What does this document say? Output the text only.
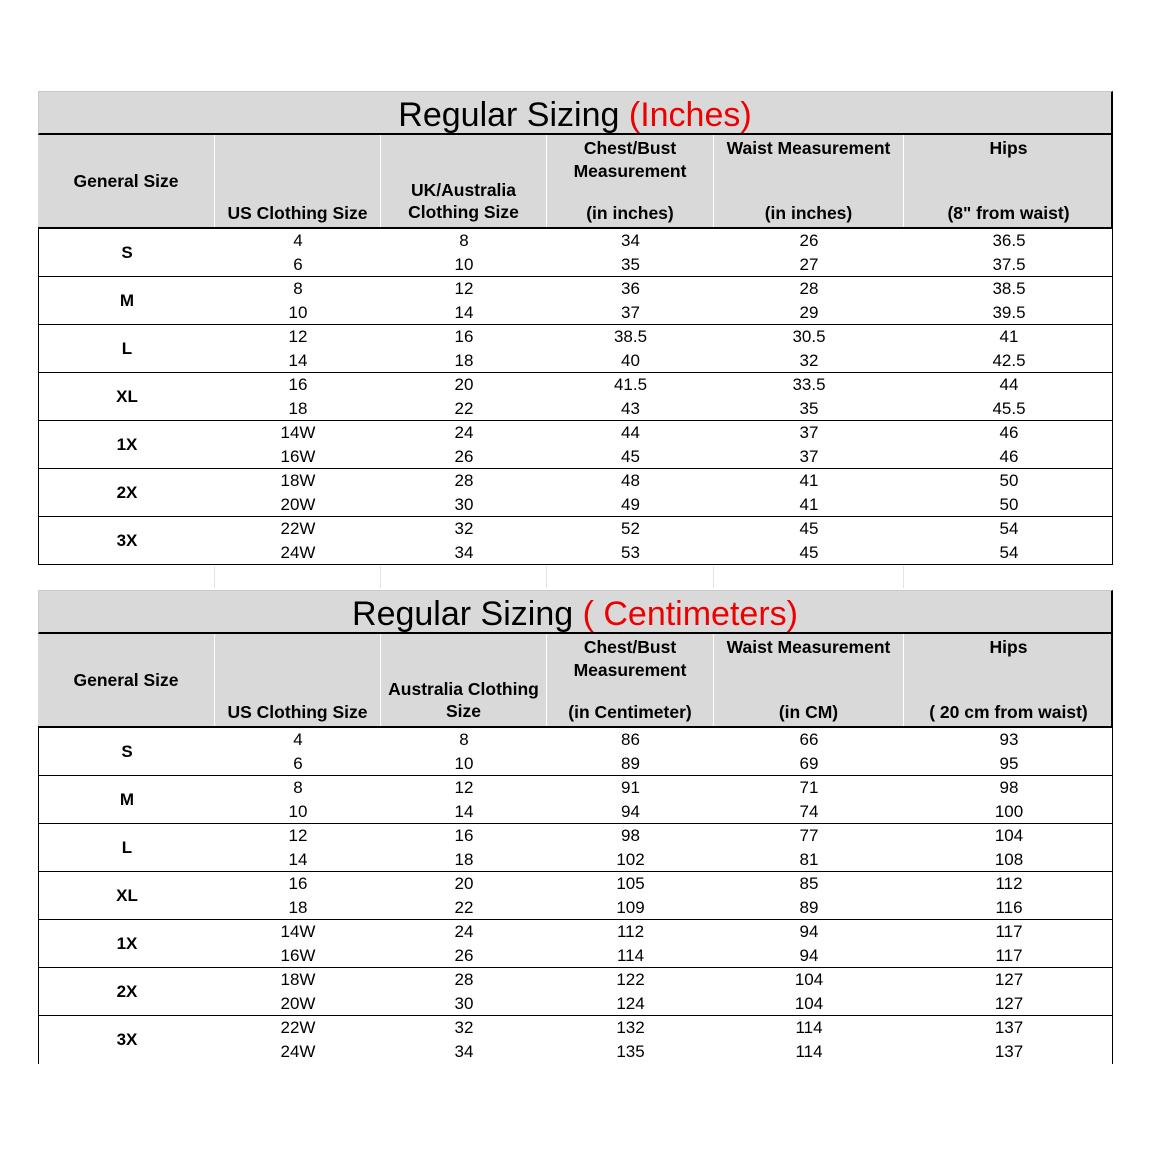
Regular Sizing (Inches)
General Size
US Clothing Size
UK/Australia
Clothing Size
Chest/Bust
Measurement
(in inches)
Waist Measurement
(in inches)
Hips
(8" from waist)
S
4
6
8
10
34
35
26
27
36.5
37.5
M
8
10
12
14
36
37
28
29
38.5
39.5
L
12
14
16
18
38.5
40
30.5
32
41
42.5
XL
16
18
20
22
41.5
43
33.5
35
44
45.5
1X
14W
16W
24
26
44
45
37
37
46
46
2X
18W
20W
28
30
48
49
41
41
50
50
3X
22W
24W
32
34
52
53
45
45
54
54
Regular Sizing ( Centimeters)
General Size
US Clothing Size
Australia Clothing
Size
Chest/Bust
Measurement
(in Centimeter)
Waist Measurement
(in CM)
Hips
( 20 cm from waist)
S
4
6
8
10
86
89
66
69
93
95
M
8
10
12
14
91
94
71
74
98
100
L
12
14
16
18
98
102
77
81
104
108
XL
16
18
20
22
105
109
85
89
112
116
1X
14W
16W
24
26
112
114
94
94
117
117
2X
18W
20W
28
30
122
124
104
104
127
127
3X
22W
24W
32
34
132
135
114
114
137
137
